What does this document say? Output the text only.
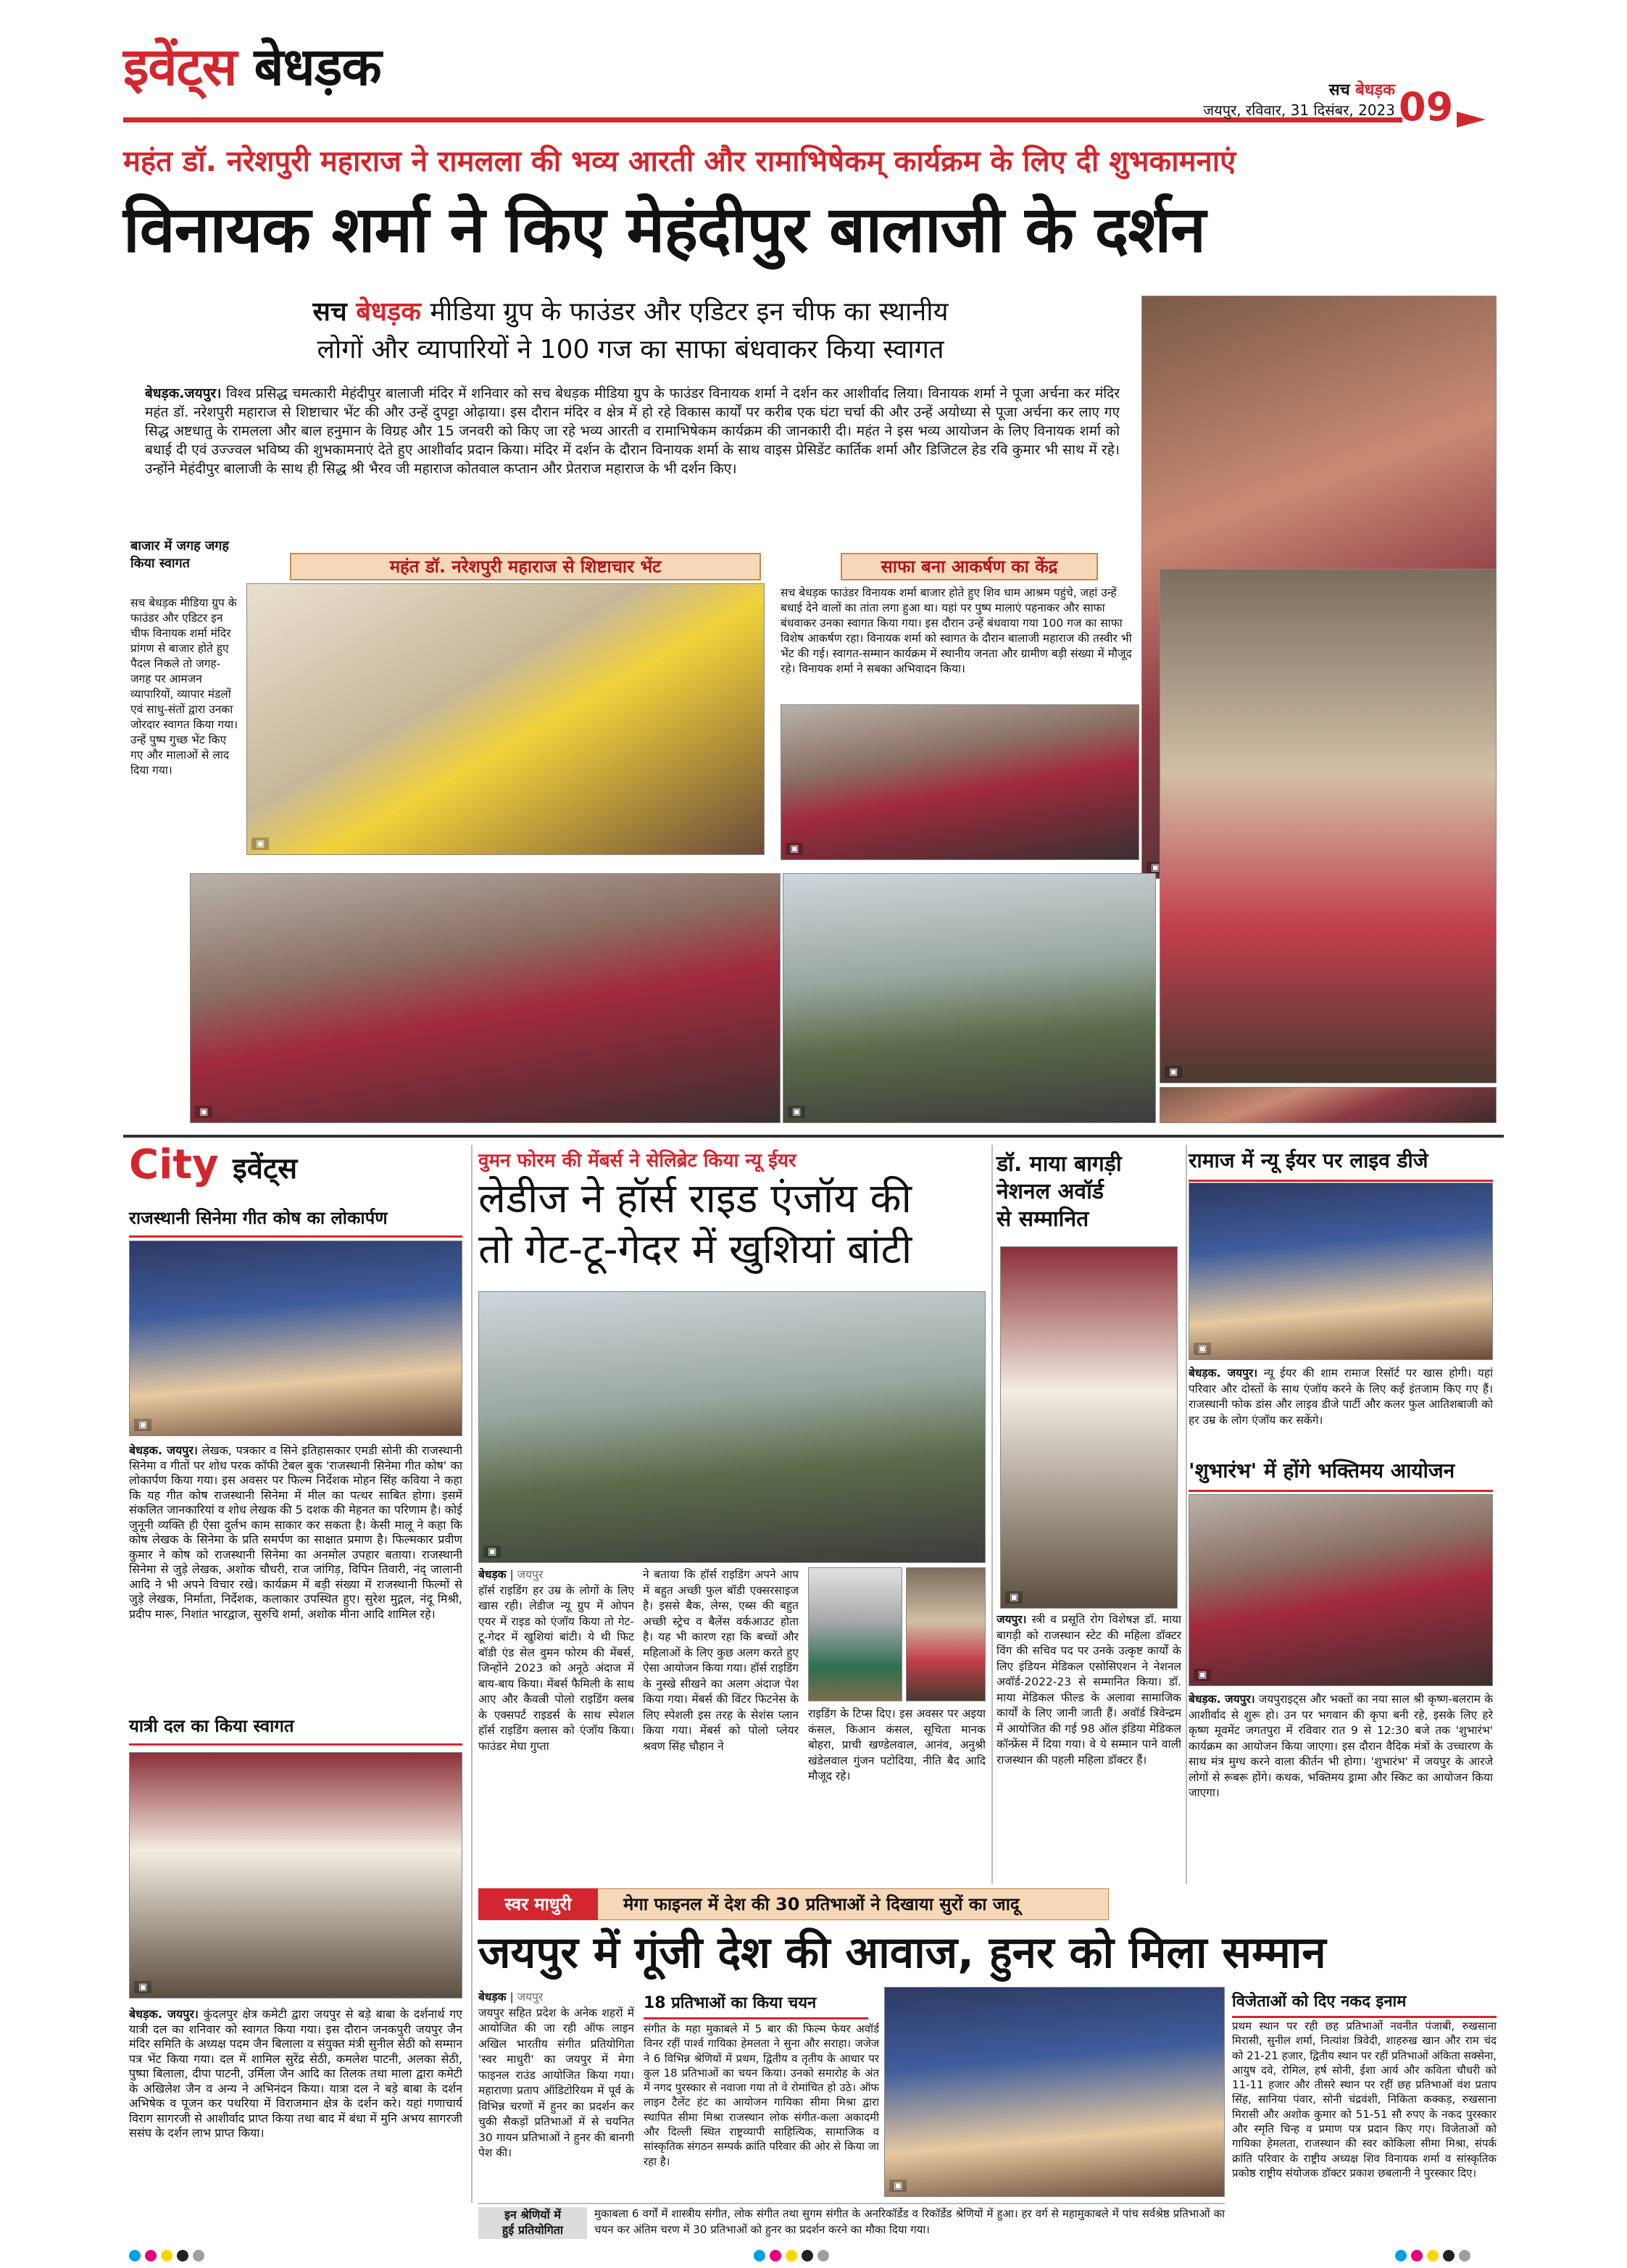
इवेंट्स बेधड़क	सच बेधड़क
जयपुर, रविवार, 31 दिसंबर, 2023 09
महंत डॉ. नरेशपुरी महाराज ने रामलला की भव्य आरती और रामाभिषेकम् कार्यक्रम के लिए दी शुभकामनाएं
विनायक शर्मा ने किए मेहंदीपुर बालाजी के दर्शन
सच बेधड़क मीडिया ग्रुप के फाउंडर और एडिटर इन चीफ का स्थानीय
लोगों और व्यापारियों ने 100 गज का साफा बंधवाकर किया स्वागत
बेधड़क.जयपुर। विश्व प्रसिद्ध चमत्कारी मेहंदीपुर बालाजी मंदिर में शनिवार को सच बेधड़क मीडिया ग्रुप के फाउंडर विनायक शर्मा ने दर्शन कर आशीर्वाद लिया। विनायक शर्मा ने पूजा अर्चना कर मंदिर महंत डॉ. नरेशपुरी महाराज से शिष्टाचार भेंट की और उन्हें दुपट्टा ओढ़ाया। इस दौरान मंदिर व क्षेत्र में हो रहे विकास कार्यों पर करीब एक घंटा चर्चा की और उन्हें अयोध्या से पूजा अर्चना कर लाए गए सिद्ध अष्टधातु के रामलला और बाल हनुमान के विग्रह और 15 जनवरी को किए जा रहे भव्य आरती व रामाभिषेकम कार्यक्रम की जानकारी दी। महंत ने इस भव्य आयोजन के लिए विनायक शर्मा को बधाई दी एवं उज्ज्वल भविष्य की शुभकामनाएं देते हुए आशीर्वाद प्रदान किया। मंदिर में दर्शन के दौरान विनायक शर्मा के साथ वाइस प्रेसिडेंट कार्तिक शर्मा और डिजिटल हेड रवि कुमार भी साथ में रहे। उन्होंने मेहंदीपुर बालाजी के साथ ही सिद्ध श्री भैरव जी महाराज कोतवाल कप्तान और प्रेतराज महाराज के भी दर्शन किए।
▣
बाजार में जगह जगह किया स्वागत
सच बेधड़क मीडिया ग्रुप के फाउंडर और एडिटर इन चीफ विनायक शर्मा मंदिर प्रांगण से बाजार होते हुए पैदल निकले तो जगह-जगह पर आमजन व्यापारियों, व्यापार मंडलों एवं साधु-संतों द्वारा उनका जोरदार स्वागत किया गया। उन्हें पुष्प गुच्छ भेंट किए गए और मालाओं से लाद दिया गया।
महंत डॉ. नरेशपुरी महाराज से शिष्टाचार भेंट
▣
साफा बना आकर्षण का केंद्र
सच बेधड़क फाउंडर विनायक शर्मा बाजार होते हुए शिव धाम आश्रम पहुंचे, जहां उन्हें बधाई देने वालों का तांता लगा हुआ था। यहां पर पुष्प मालाएं पहनाकर और साफा बंधवाकर उनका स्वागत किया गया। इस दौरान उन्हें बंधवाया गया 100 गज का साफा विशेष आकर्षण रहा। विनायक शर्मा को स्वागत के दौरान बालाजी महाराज की तस्वीर भी भेंट की गई। स्वागत-सम्मान कार्यक्रम में स्थानीय जनता और ग्रामीण बड़ी संख्या में मौजूद रहे। विनायक शर्मा ने सबका अभिवादन किया।
▣
▣
▣	▣
City इवेंट्स
राजस्थानी सिनेमा गीत कोष का लोकार्पण
▣
बेधड़क. जयपुर। लेखक, पत्रकार व सिने इतिहासकार एमडी सोनी की राजस्थानी सिनेमा व गीतों पर शोध परक कॉफी टेबल बुक 'राजस्थानी सिनेमा गीत कोष' का लोकार्पण किया गया। इस अवसर पर फिल्म निर्देशक मोहन सिंह कविया ने कहा कि यह गीत कोष राजस्थानी सिनेमा में मील का पत्थर साबित होगा। इसमें संकलित जानकारियां व शोध लेखक की 5 दशक की मेहनत का परिणाम है। कोई जुनूनी व्यक्ति ही ऐसा दुर्लभ काम साकार कर सकता है। केसी मालू ने कहा कि कोष लेखक के सिनेमा के प्रति समर्पण का साक्षात प्रमाण है। फिल्मकार प्रवीण कुमार ने कोष को राजस्थानी सिनेमा का अनमोल उपहार बताया। राजस्थानी सिनेमा से जुड़े लेखक, अशोक चौधरी, राज जांगिड़, विपिन तिवारी, नंद् जालानी आदि ने भी अपने विचार रखे। कार्यक्रम में बड़ी संख्या में राजस्थानी फिल्मों से जुड़े लेखक, निर्माता, निर्देशक, कलाकार उपस्थित हुए। सुरेश मुद्गल, नंदू मिश्री, प्रदीप मारू, निशांत भारद्वाज, सुरुचि शर्मा, अशोक मीना आदि शामिल रहे।
यात्री दल का किया स्वागत
▣
बेधड़क. जयपुर। कुंदलपुर क्षेत्र कमेटी द्वारा जयपुर से बड़े बाबा के दर्शनार्थ गए यात्री दल का शनिवार को स्वागत किया गया। इस दौरान जनकपुरी जयपुर जैन मंदिर समिति के अध्यक्ष पदम जैन बिलाला व संयुक्त मंत्री सुनील सेठी को सम्मान पत्र भेंट किया गया। दल में शामिल सुरेंद्र सेठी, कमलेश पाटनी, अलका सेठी, पुष्पा बिलाला, दीपा पाटनी, उर्मिला जैन आदि का तिलक तथा माला द्वारा कमेटी के अखिलेश जैन व अन्य ने अभिनंदन किया। यात्रा दल ने बड़े बाबा के दर्शन अभिषेक व पूजन कर पथरिया में विराजमान क्षेत्र के दर्शन करे। यहां गणाचार्य विराग सागरजी से आशीर्वाद प्राप्त किया तथा बाद में बंधा में मुनि अभय सागरजी ससंघ के दर्शन लाभ प्राप्त किया।
वुमन फोरम की मेंबर्स ने सेलिब्रेट किया न्यू ईयर
लेडीज ने हॉर्स राइड एंजॉय की
तो गेट-टू-गेदर में खुशियां बांटी
▣
बेधड़क | जयपुर
हॉर्स राइडिंग हर उम्र के लोगों के लिए खास रही। लेडीज न्यू ग्रुप में ओपन एयर में राइड को एंजॉय किया तो गेट-टू-गेदर में खुशियां बांटी। ये थी फिट बॉडी एंड सेल वुमन फोरम की मेंबर्स, जिन्होंने 2023 को अनूठे अंदाज में बाय-बाय किया। मेंबर्स फैमिली के साथ आए और कैवल्री पोलो राइडिंग क्लब के एक्सपर्ट राइडर्स के साथ स्पेशल हॉर्स राइडिंग क्लास को एंजॉय किया। फाउंडर मेघा गुप्ता
ने बताया कि हॉर्स राइडिंग अपने आप में बहुत अच्छी फुल बॉडी एक्सरसाइज है। इससे बैक, लेग्स, एब्स की बहुत अच्छी स्ट्रेच व बैलेंस वर्कआउट होता है। यह भी कारण रहा कि बच्चों और महिलाओं के लिए कुछ अलग करते हुए ऐसा आयोजन किया गया। हॉर्स राइडिंग के नुस्खे सीखने का अलग अंदाज पेश किया गया। मेंबर्स की विंटर फिटनेस के लिए स्पेशली इस तरह के सेशंस प्लान किया गया। मेंबर्स को पोलो प्लेयर श्रवण सिंह चौहान ने
राइडिंग के टिप्स दिए। इस अवसर पर अइया कंसल, किआन कंसल, सूचिता मानक बोहरा, प्राची खण्डेलवाल, आनंव, अनुश्री खंडेलवाल गुंजन पटोदिया, नीति बैद आदि मौजूद रहे।
डॉ. माया बागड़ी
नेशनल अवॉर्ड
से सम्मानित
▣
जयपुर। स्त्री व प्रसूति रोग विशेषज्ञ डॉ. माया बागड़ी को राजस्थान स्टेट की महिला डॉक्टर विंग की सचिव पद पर उनके उत्कृष्ट कार्यों के लिए इंडियन मेडिकल एसोसिएशन ने नेशनल अवॉर्ड-2022-23 से सम्मानित किया। डॉ. माया मेडिकल फील्ड के अलावा सामाजिक कार्यों के लिए जानी जाती हैं। अवॉर्ड त्रिवेन्द्रम में आयोजित की गई 98 ऑल इंडिया मेडिकल कॉन्फ्रेंस में दिया गया। वे ये सम्मान पाने वाली राजस्थान की पहली महिला डॉक्टर हैं।
रामाज में न्यू ईयर पर लाइव डीजे
▣
बेधड़क. जयपुर। न्यू ईयर की शाम रामाज रिसॉर्ट पर खास होगी। यहां परिवार और दोस्तों के साथ एंजॉय करने के लिए कई इंतजाम किए गए हैं। राजस्थानी फोक डांस और लाइव डीजे पार्टी और कलर फुल आतिशबाजी को हर उम्र के लोग एंजॉय कर सकेंगे।
'शुभारंभ' में होंगे भक्तिमय आयोजन
▣
बेधड़क. जयपुर। जयपुराइट्स और भक्तों का नया साल श्री कृष्ण-बलराम के आशीर्वाद से शुरू हो। उन पर भगवान की कृपा बनी रहे, इसके लिए हरे कृष्ण मूवमेंट जगतपुरा में रविवार रात 9 से 12:30 बजे तक 'शुभारंभ' कार्यक्रम का आयोजन किया जाएगा। इस दौरान वैदिक मंत्रों के उच्चारण के साथ मंत्र मुग्ध करने वाला कीर्तन भी होगा। 'शुभारंभ' में जयपुर के आरजे लोगों से रूबरू होंगे। कथक, भक्तिमय ड्रामा और स्किट का आयोजन किया जाएगा।
स्वर माधुरी	मेगा फाइनल में देश की 30 प्रतिभाओं ने दिखाया सुरों का जादू
जयपुर में गूंजी देश की आवाज, हुनर को मिला सम्मान
बेधड़क | जयपुर
जयपुर सहित प्रदेश के अनेक शहरों में आयोजित की जा रही ऑफ लाइन अखिल भारतीय संगीत प्रतियोगिता 'स्वर माधुरी' का जयपुर में मेगा फाइनल राउंड आयोजित किया गया। महाराणा प्रताप ऑडिटोरियम में पूर्व के विभिन्न चरणों में हुनर का प्रदर्शन कर चुकी सैकड़ों प्रतिभाओं में से चयनित 30 गायन प्रतिभाओं ने हुनर की बानगी पेश की।
18 प्रतिभाओं का किया चयन
संगीत के महा मुकाबले में 5 बार की फिल्म फेयर अवॉर्ड विनर रहीं पार्श्व गायिका हेमलता ने सुना और सराहा। जजेज ने 6 विभिन्न श्रेणियों में प्रथम, द्वितीय व तृतीय के आधार पर कुल 18 प्रतिभाओं का चयन किया। उनको समारोह के अंत में नगद पुरस्कार से नवाजा गया तो वे रोमांचित हो उठे। ऑफ लाइन टैलेंट हंट का आयोजन गायिका सीमा मिश्रा द्वारा स्थापित सीमा मिश्रा राजस्थान लोक संगीत-कला अकादमी और दिल्ली स्थित राष्ट्रव्यापी साहित्यिक, सामाजिक व सांस्कृतिक संगठन सम्पर्क क्रांति परिवार की ओर से किया जा रहा है।
▣
विजेताओं को दिए नकद इनाम
प्रथम स्थान पर रही छह प्रतिभाओं नवनीत पंजाबी, रुखसाना मिरासी, सुनील शर्मा, नित्यांश त्रिवेदी, शाहरुख खान और राम चंद को 21-21 हजार, द्वितीय स्थान पर रहीं प्रतिभाओं अंकिता सक्सेना, आयुष दवे, रोमिल, हर्ष सोनी, ईशा आर्य और कविता चौधरी को 11-11 हजार और तीसरे स्थान पर रहीं छह प्रतिभाओं वंश प्रताप सिंह, सानिया पंवार, सोनी चंद्रवंशी, निकिता कक्कड़, रुखसाना मिरासी और अशोक कुमार को 51-51 सौ रुपए के नकद पुरस्कार और स्मृति चिन्ह व प्रमाण पत्र प्रदान किए गए। विजेताओं को गायिका हेमलता, राजस्थान की स्वर कोकिला सीमा मिश्रा, संपर्क क्रांति परिवार के राष्ट्रीय अध्यक्ष शिव विनायक शर्मा व सांस्कृतिक प्रकोष्ठ राष्ट्रीय संयोजक डॉक्टर प्रकाश छबलानी ने पुरस्कार दिए।
इन श्रेणियों में
हुई प्रतियोगिता
मुकाबला 6 वर्गों में शास्त्रीय संगीत, लोक संगीत तथा सुगम संगीत के अनरिकॉर्डेड व रिकॉर्डेड श्रेणियों में हुआ। हर वर्ग से महामुकाबले में पांच सर्वश्रेष्ठ प्रतिभाओं का चयन कर अंतिम चरण में 30 प्रतिभाओं को हुनर का प्रदर्शन करने का मौका दिया गया।
